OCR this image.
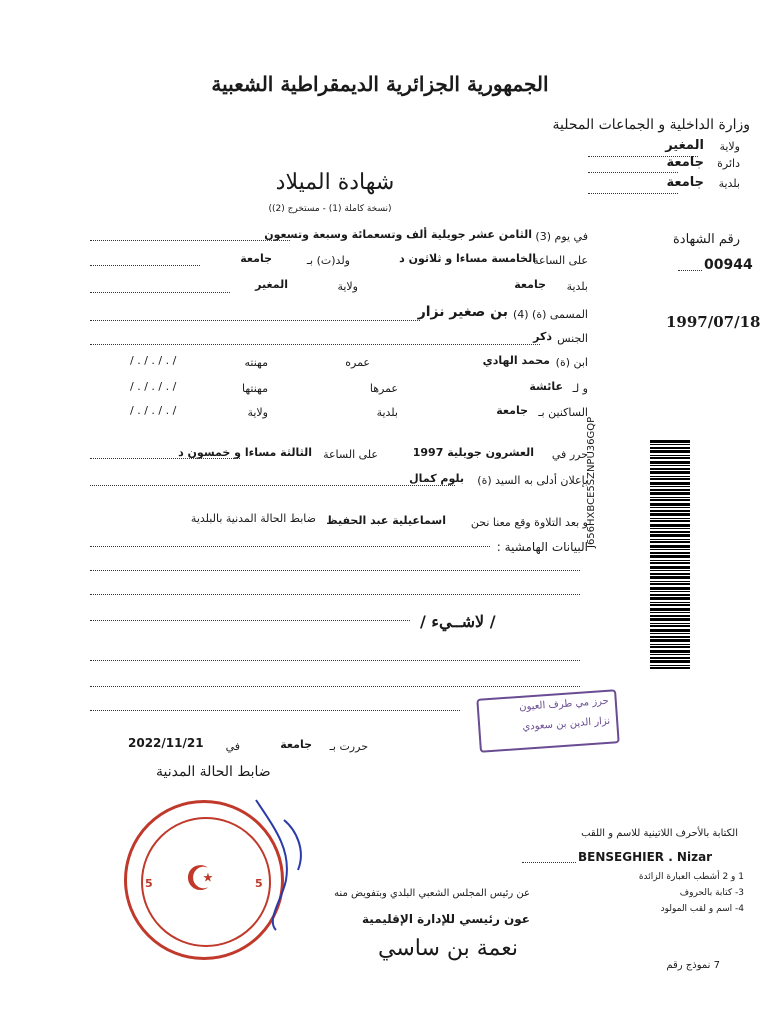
الجمهورية الجزائرية الديمقراطية الشعبية
وزارة الداخلية و الجماعات المحلية
ولاية
المغير
دائرة
جامعة
بلدية
جامعة
شهادة الميلاد
(نسخة كاملة (1) - مستخرج (2))
رقم الشهادة
00944
1997/07/18
في يوم (3)
الثامن عشر جويلية ألف وتسعمائة وسبعة وتسعون
على الساعة
الخامسة مساءا و ثلاثون د
ولد(ت) بـ
جامعة
بلدية
جامعة
ولاية
المغير
المسمى (ة) (4)
بن صغير نزار
الجنس
ذكر
ابن (ة)
محمد الهادي
عمره
مهنته
/ . / . / . /
و لـ
عائشة
عمرها
مهنتها
/ . / . / . /
الساكنين بـ
جامعة
بلدية
ولاية
/ . / . / . /
حرر في
العشرون جويلية 1997
على الساعة
الثالثة مساءا و خمسون د
بإعلان أدلى به السيد (ة)
بلوم كمال
و بعد التلاوة وقع معنا نحن
اسماعيلية عبد الحفيظ
ضابط الحالة المدنية بالبلدية
البيانات الهامشية :
/ لاشــيء /
J656HXBCE5SZNPU36GQP
حرز مي طرف العيون
نزار الدين بن سعودي
حررت بـ
جامعة
في
2022/11/21
ضابط الحالة المدنية
الكتابة بالأحرف اللاتينية للاسم و اللقب
BENSEGHIER . Nizar
1 و 2 أشطب العبارة الزائدة
3- كتابة بالحروف
4- اسم و لقب المولود
☪
5	5
عن رئيس المجلس الشعبي البلدي وبتفويض منه
عون رئيسي للإدارة الإقليمية
نعمة بن ساسي
7 نموذج رقم
